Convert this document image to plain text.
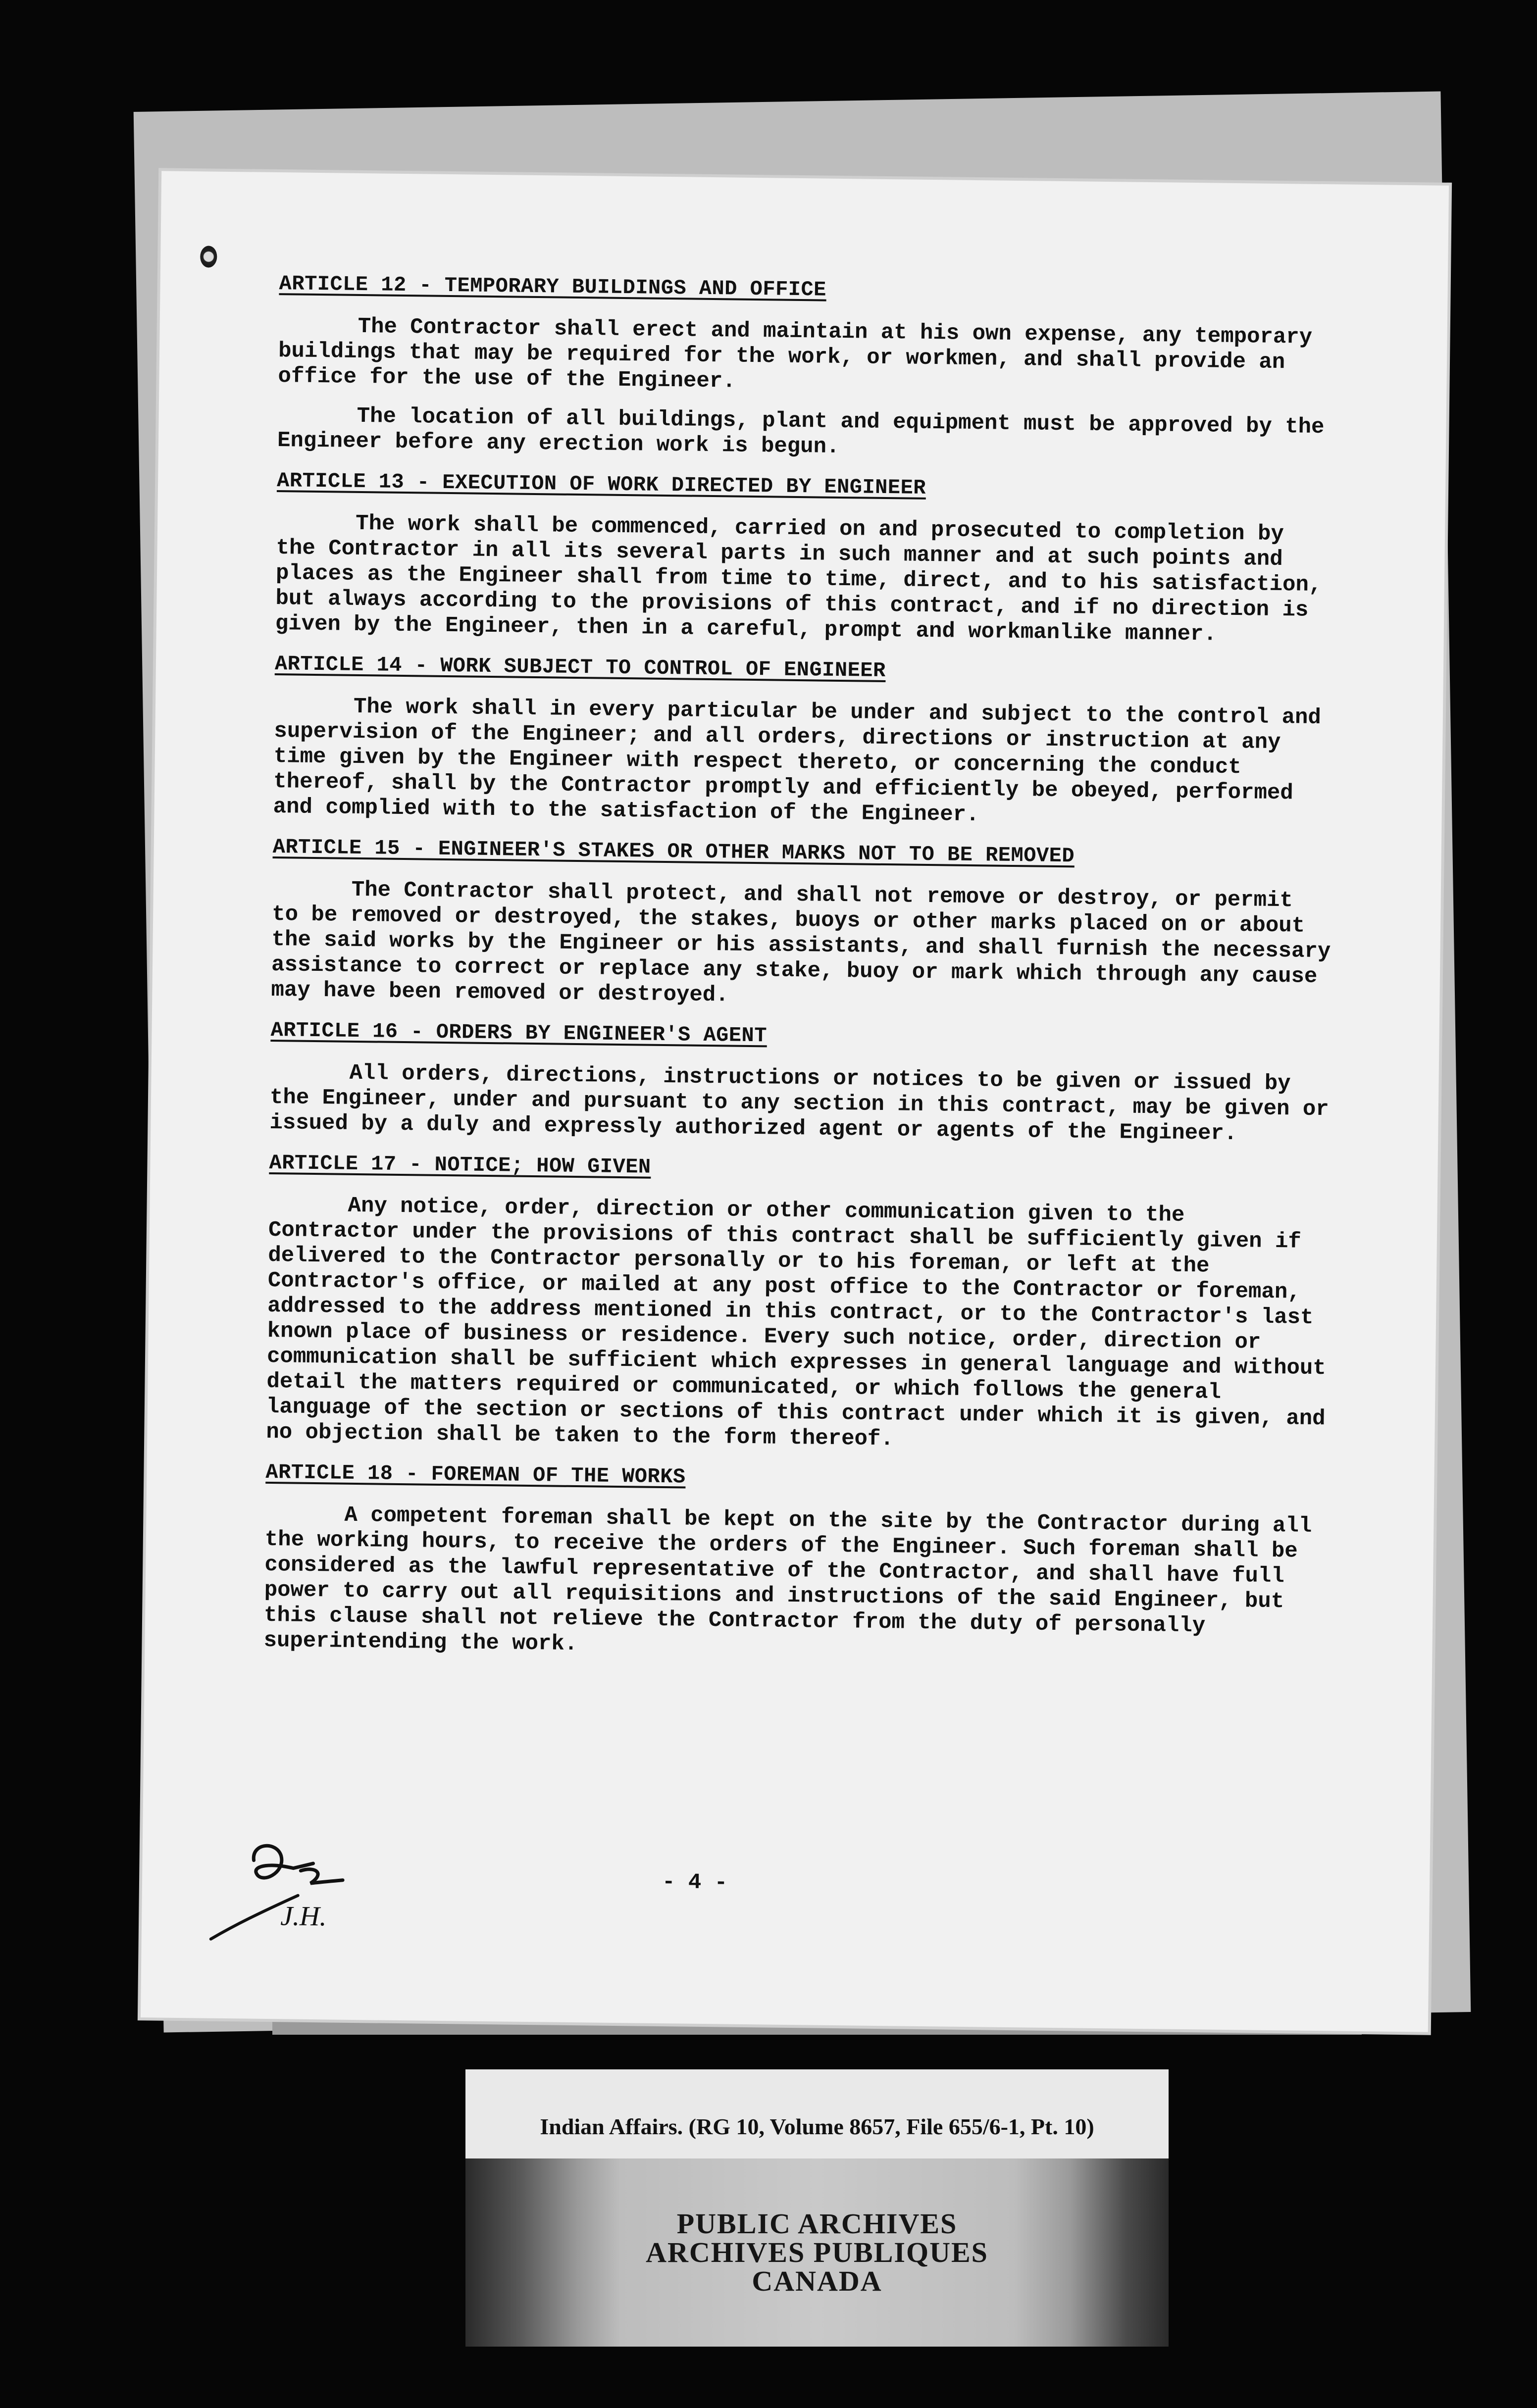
ARTICLE 12 - TEMPORARY BUILDINGS AND OFFICE

The Contractor shall erect and maintain at his own expense, any temporary buildings that may be required for the work, or workmen, and shall provide an office for the use of the Engineer.

The location of all buildings, plant and equipment must be approved by the Engineer before any erection work is begun.

ARTICLE 13 - EXECUTION OF WORK DIRECTED BY ENGINEER

The work shall be commenced, carried on and prosecuted to completion by the Contractor in all its several parts in such manner and at such points and places as the Engineer shall from time to time, direct, and to his satisfaction, but always according to the provisions of this contract, and if no direction is given by the Engineer, then in a careful, prompt and workmanlike manner.

ARTICLE 14 - WORK SUBJECT TO CONTROL OF ENGINEER

The work shall in every particular be under and subject to the control and supervision of the Engineer; and all orders, directions or instruction at any time given by the Engineer with respect thereto, or concerning the conduct thereof, shall by the Contractor promptly and efficiently be obeyed, performed and complied with to the satisfaction of the Engineer.

ARTICLE 15 - ENGINEER'S STAKES OR OTHER MARKS NOT TO BE REMOVED

The Contractor shall protect, and shall not remove or destroy, or permit to be removed or destroyed, the stakes, buoys or other marks placed on or about the said works by the Engineer or his assistants, and shall furnish the necessary assistance to correct or replace any stake, buoy or mark which through any cause may have been removed or destroyed.

ARTICLE 16 - ORDERS BY ENGINEER'S AGENT

All orders, directions, instructions or notices to be given or issued by the Engineer, under and pursuant to any section in this contract, may be given or issued by a duly and expressly authorized agent or agents of the Engineer.

ARTICLE 17 - NOTICE; HOW GIVEN

Any notice, order, direction or other communication given to the Contractor under the provisions of this contract shall be sufficiently given if delivered to the Contractor personally or to his foreman, or left at the Contractor's office, or mailed at any post office to the Contractor or foreman, addressed to the address mentioned in this contract, or to the Contractor's last known place of business or residence. Every such notice, order, direction or communication shall be sufficient which expresses in general language and without detail the matters required or communicated, or which follows the general language of the section or sections of this contract under which it is given, and no objection shall be taken to the form thereof.

ARTICLE 18 - FOREMAN OF THE WORKS

A competent foreman shall be kept on the site by the Contractor during all the working hours, to receive the orders of the Engineer. Such foreman shall be considered as the lawful representative of the Contractor, and shall have full power to carry out all requisitions and instructions of the said Engineer, but this clause shall not relieve the Contractor from the duty of personally superintending the work.

- 4 -
J.H.
Indian Affairs. (RG 10, Volume 8657, File 655/6-1, Pt. 10)
PUBLIC ARCHIVES
ARCHIVES PUBLIQUES
CANADA
